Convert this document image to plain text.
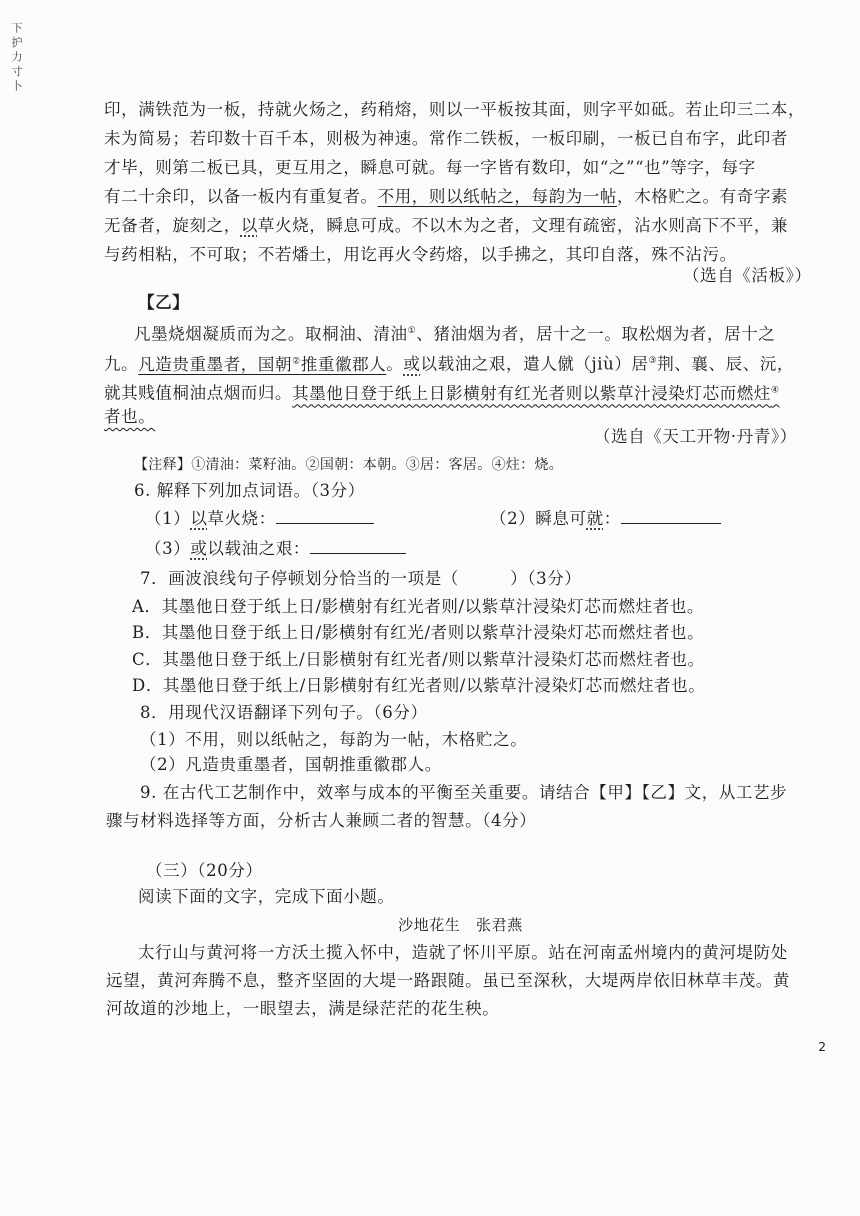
下 护 力 寸 卜
印，满铁范为一板，持就火炀之，药稍熔，则以一平板按其面，则字平如砥。若止印三二本，
未为简易；若印数十百千本，则极为神速。常作二铁板，一板印刷，一板已自布字，此印者
才毕，则第二板已具，更互用之，瞬息可就。每一字皆有数印，如“之”“也”等字，每字
有二十余印，以备一板内有重复者。不用，则以纸帖之，每韵为一帖，木格贮之。有奇字素
无备者，旋刻之，以草火烧，瞬息可成。不以木为之者，文理有疏密，沾水则高下不平，兼
与药相粘，不可取；不若燔土，用讫再火令药熔，以手拂之，其印自落，殊不沾污。
（选自《活板》）
【乙】
凡墨烧烟凝质而为之。取桐油、清油①、猪油烟为者，居十之一。取松烟为者，居十之
九。凡造贵重墨者，国朝②推重徽郡人。或以载油之艰，遣人僦（jiù）居③荆、襄、辰、沅，
就其贱值桐油点烟而归。其墨他日登于纸上日影横射有红光者则以紫草汁浸染灯芯而燃炷④
者也。
（选自《天工开物·丹青》）
【注释】①清油：菜籽油。②国朝：本朝。③居：客居。④炷：烧。
6. 解释下列加点词语。（3分）
（1）以草火烧：	（2）瞬息可就：
（3）或以载油之艰：
7．画波浪线句子停顿划分恰当的一项是（　　　）（3分）
A．其墨他日登于纸上日/影横射有红光者则/以紫草汁浸染灯芯而燃炷者也。
B．其墨他日登于纸上日/影横射有红光/者则以紫草汁浸染灯芯而燃炷者也。
C．其墨他日登于纸上/日影横射有红光者/则以紫草汁浸染灯芯而燃炷者也。
D．其墨他日登于纸上/日影横射有红光者则/以紫草汁浸染灯芯而燃炷者也。
8．用现代汉语翻译下列句子。（6分）
（1）不用，则以纸帖之，每韵为一帖，木格贮之。
（2）凡造贵重墨者，国朝推重徽郡人。
9. 在古代工艺制作中，效率与成本的平衡至关重要。请结合【甲】【乙】文，从工艺步
骤与材料选择等方面，分析古人兼顾二者的智慧。（4分）
（三）（20分）
阅读下面的文字，完成下面小题。
沙地花生　张君燕
太行山与黄河将一方沃土揽入怀中，造就了怀川平原。站在河南孟州境内的黄河堤防处
远望，黄河奔腾不息，整齐坚固的大堤一路跟随。虽已至深秋，大堤两岸依旧林草丰茂。黄
河故道的沙地上，一眼望去，满是绿茫茫的花生秧。
2
